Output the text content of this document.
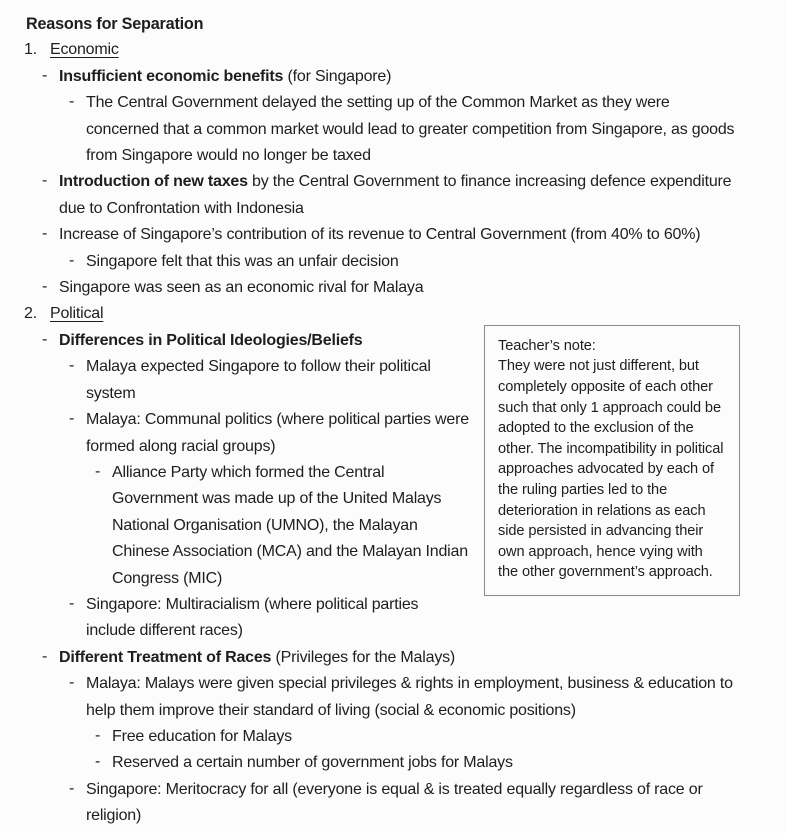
Reasons for Separation
1. Economic
- Insufficient economic benefits (for Singapore)
- The Central Government delayed the setting up of the Common Market as they were concerned that a common market would lead to greater competition from Singapore, as goods from Singapore would no longer be taxed
- Introduction of new taxes by the Central Government to finance increasing defence expenditure due to Confrontation with Indonesia
- Increase of Singapore’s contribution of its revenue to Central Government (from 40% to 60%)
- Singapore felt that this was an unfair decision
- Singapore was seen as an economic rival for Malaya
2. Political
Teacher’s note:
They were not just different, but completely opposite of each other such that only 1 approach could be adopted to the exclusion of the other. The incompatibility in political approaches advocated by each of the ruling parties led to the deterioration in relations as each side persisted in advancing their own approach, hence vying with the other government’s approach.
- Differences in Political Ideologies/Beliefs
- Malaya expected Singapore to follow their political system
- Malaya: Communal politics (where political parties were formed along racial groups)
- Alliance Party which formed the Central Government was made up of the United Malays National Organisation (UMNO), the Malayan Chinese Association (MCA) and the Malayan Indian Congress (MIC)
- Singapore: Multiracialism (where political parties include different races)
- Different Treatment of Races (Privileges for the Malays)
- Malaya: Malays were given special privileges & rights in employment, business & education to help them improve their standard of living (social & economic positions)
- Free education for Malays
- Reserved a certain number of government jobs for Malays
- Singapore: Meritocracy for all (everyone is equal & is treated equally regardless of race or religion)
